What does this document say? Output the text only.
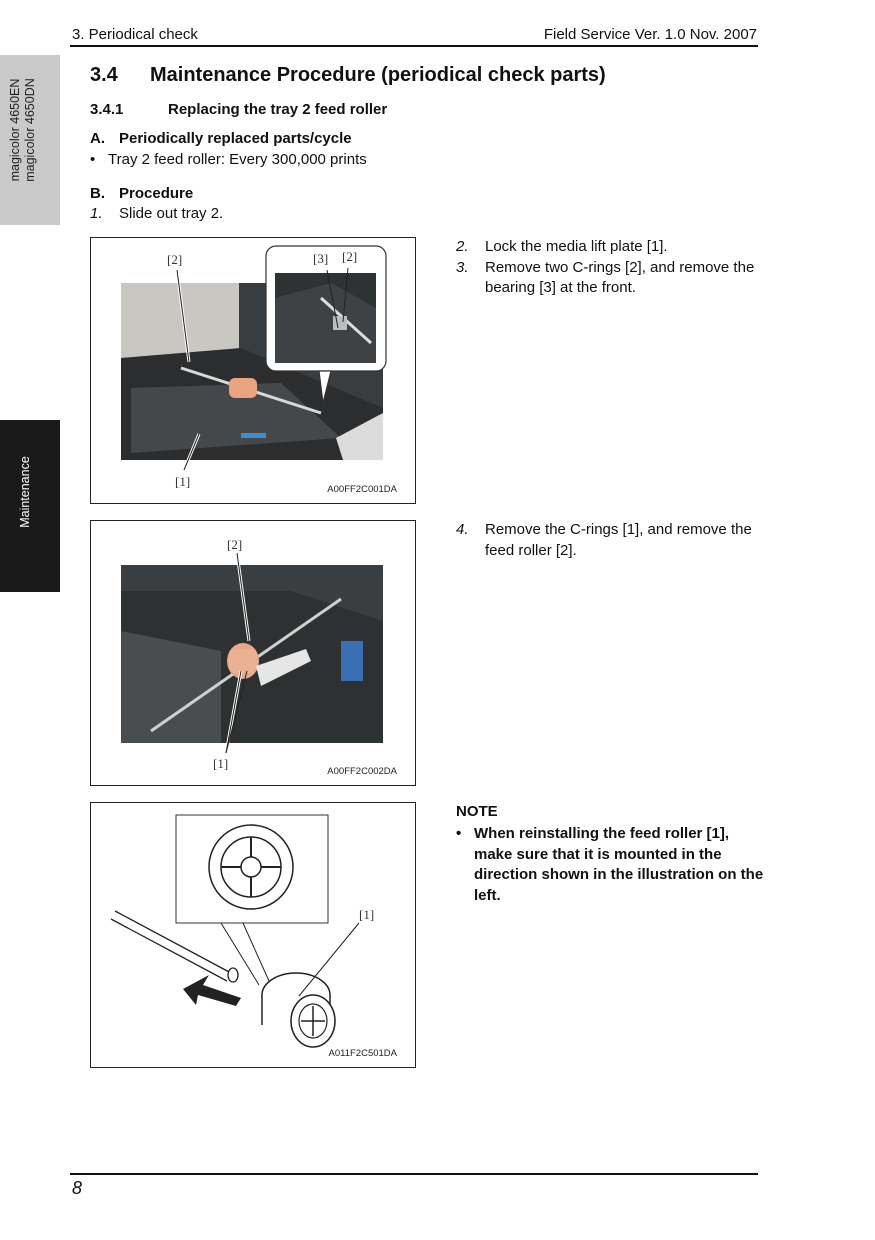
3. Periodical check	Field Service Ver. 1.0 Nov. 2007
magicolor 4650EN magicolor 4650DN
Maintenance
3.4 Maintenance Procedure (periodical check parts)
3.4.1	Replacing the tray 2 feed roller
A. Periodically replaced parts/cycle
• Tray 2 feed roller: Every 300,000 prints
B. Procedure
1. Slide out tray 2.
[2]	[3] [2]
[1]
A00FF2C001DA
2.	Lock the media lift plate [1].
3.	Remove two C-rings [2], and remove the bearing [3] at the front.
[2]
[1]
A00FF2C002DA
4.	Remove the C-rings [1], and remove the feed roller [2].
[1]
A011F2C501DA
NOTE
• When reinstalling the feed roller [1], make sure that it is mounted in the direction shown in the illustration on the left.
8
